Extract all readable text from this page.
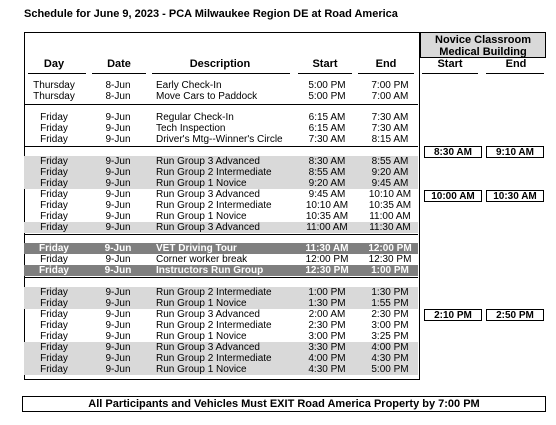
Schedule for June 9, 2023 - PCA Milwaukee Region DE at Road America
Novice Classroom
Medical Building
Day	Date	Description	Start	End	Start	End
Thursday	8-Jun	Early Check-In	5:00 PM	7:00 PM
Thursday	8-Jun	Move Cars to Paddock	5:00 PM	7:00 AM
Friday	9-Jun	Regular Check-In	6:15 AM	7:30 AM
Friday	9-Jun	Tech Inspection	6:15 AM	7:30 AM
Friday	9-Jun	Driver's Mtg--Winner's Circle	7:30 AM	8:15 AM
Friday	9-Jun	Run Group 3 Advanced	8:30 AM	8:55 AM
Friday	9-Jun	Run Group 2 Intermediate	8:55 AM	9:20 AM
Friday	9-Jun	Run Group 1 Novice	9:20 AM	9:45 AM
Friday	9-Jun	Run Group 3 Advanced	9:45 AM	10:10 AM
Friday	9-Jun	Run Group 2 Intermediate	10:10 AM	10:35 AM
Friday	9-Jun	Run Group 1 Novice	10:35 AM	11:00 AM
Friday	9-Jun	Run Group 3 Advanced	11:00 AM	11:30 AM
Friday	9-Jun	VET Driving Tour	11:30 AM	12:00 PM
Friday	9-Jun	Corner worker break	12:00 PM	12:30 PM
Friday	9-Jun	Instructors Run Group	12:30 PM	1:00 PM
Friday	9-Jun	Run Group 2 Intermediate	1:00 PM	1:30 PM
Friday	9-Jun	Run Group 1 Novice	1:30 PM	1:55 PM
Friday	9-Jun	Run Group 3 Advanced	2:00 AM	2:30 PM
Friday	9-Jun	Run Group 2 Intermediate	2:30 PM	3:00 PM
Friday	9-Jun	Run Group 1 Novice	3:00 PM	3:25 PM
Friday	9-Jun	Run Group 3 Advanced	3:30 PM	4:00 PM
Friday	9-Jun	Run Group 2 Intermediate	4:00 PM	4:30 PM
Friday	9-Jun	Run Group 1 Novice	4:30 PM	5:00 PM
8:30 AM	9:10 AM
10:00 AM	10:30 AM
2:10 PM	2:50 PM
All Participants and Vehicles Must EXIT Road America Property by 7:00 PM
